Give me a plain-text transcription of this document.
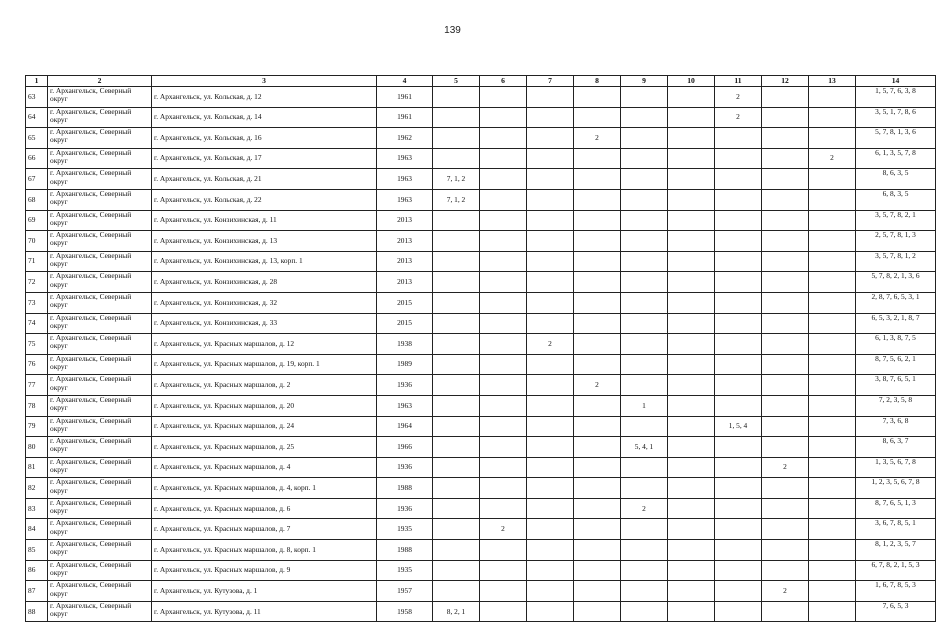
139
1	2	3	4	5	6	7	8	9	10	11	12	13	14
63	г. Архангельск, Северный округ	г. Архангельск, ул. Кольская, д. 12	1961							2			1, 5, 7, 6, 3, 8
64	г. Архангельск, Северный округ	г. Архангельск, ул. Кольская, д. 14	1961							2			3, 5, 1, 7, 8, 6
65	г. Архангельск, Северный округ	г. Архангельск, ул. Кольская, д. 16	1962				2						5, 7, 8, 1, 3, 6
66	г. Архангельск, Северный округ	г. Архангельск, ул. Кольская, д. 17	1963									2	6, 1, 3, 5, 7, 8
67	г. Архангельск, Северный округ	г. Архангельск, ул. Кольская, д. 21	1963	7, 1, 2									8, 6, 3, 5
68	г. Архангельск, Северный округ	г. Архангельск, ул. Кольская, д. 22	1963	7, 1, 2									6, 8, 3, 5
69	г. Архангельск, Северный округ	г. Архангельск, ул. Конзихинская, д. 11	2013										3, 5, 7, 8, 2, 1
70	г. Архангельск, Северный округ	г. Архангельск, ул. Конзихинская, д. 13	2013										2, 5, 7, 8, 1, 3
71	г. Архангельск, Северный округ	г. Архангельск, ул. Конзихинская, д. 13, корп. 1	2013										3, 5, 7, 8, 1, 2
72	г. Архангельск, Северный округ	г. Архангельск, ул. Конзихинская, д. 28	2013										5, 7, 8, 2, 1, 3, 6
73	г. Архангельск, Северный округ	г. Архангельск, ул. Конзихинская, д. 32	2015										2, 8, 7, 6, 5, 3, 1
74	г. Архангельск, Северный округ	г. Архангельск, ул. Конзихинская, д. 33	2015										6, 5, 3, 2, 1, 8, 7
75	г. Архангельск, Северный округ	г. Архангельск, ул. Красных маршалов, д. 12	1938			2							6, 1, 3, 8, 7, 5
76	г. Архангельск, Северный округ	г. Архангельск, ул. Красных маршалов, д. 19, корп. 1	1989										8, 7, 5, 6, 2, 1
77	г. Архангельск, Северный округ	г. Архангельск, ул. Красных маршалов, д. 2	1936				2						3, 8, 7, 6, 5, 1
78	г. Архангельск, Северный округ	г. Архангельск, ул. Красных маршалов, д. 20	1963					1					7, 2, 3, 5, 8
79	г. Архангельск, Северный округ	г. Архангельск, ул. Красных маршалов, д. 24	1964							1, 5, 4			7, 3, 6, 8
80	г. Архангельск, Северный округ	г. Архангельск, ул. Красных маршалов, д. 25	1966					5, 4, 1					8, 6, 3, 7
81	г. Архангельск, Северный округ	г. Архангельск, ул. Красных маршалов, д. 4	1936								2		1, 3, 5, 6, 7, 8
82	г. Архангельск, Северный округ	г. Архангельск, ул. Красных маршалов, д. 4, корп. 1	1988										1, 2, 3, 5, 6, 7, 8
83	г. Архангельск, Северный округ	г. Архангельск, ул. Красных маршалов, д. 6	1936					2					8, 7, 6, 5, 1, 3
84	г. Архангельск, Северный округ	г. Архангельск, ул. Красных маршалов, д. 7	1935		2								3, 6, 7, 8, 5, 1
85	г. Архангельск, Северный округ	г. Архангельск, ул. Красных маршалов, д. 8, корп. 1	1988										8, 1, 2, 3, 5, 7
86	г. Архангельск, Северный округ	г. Архангельск, ул. Красных маршалов, д. 9	1935										6, 7, 8, 2, 1, 5, 3
87	г. Архангельск, Северный округ	г. Архангельск, ул. Кутузова, д. 1	1957								2		1, 6, 7, 8, 5, 3
88	г. Архангельск, Северный округ	г. Архангельск, ул. Кутузова, д. 11	1958	8, 2, 1									7, 6, 5, 3
